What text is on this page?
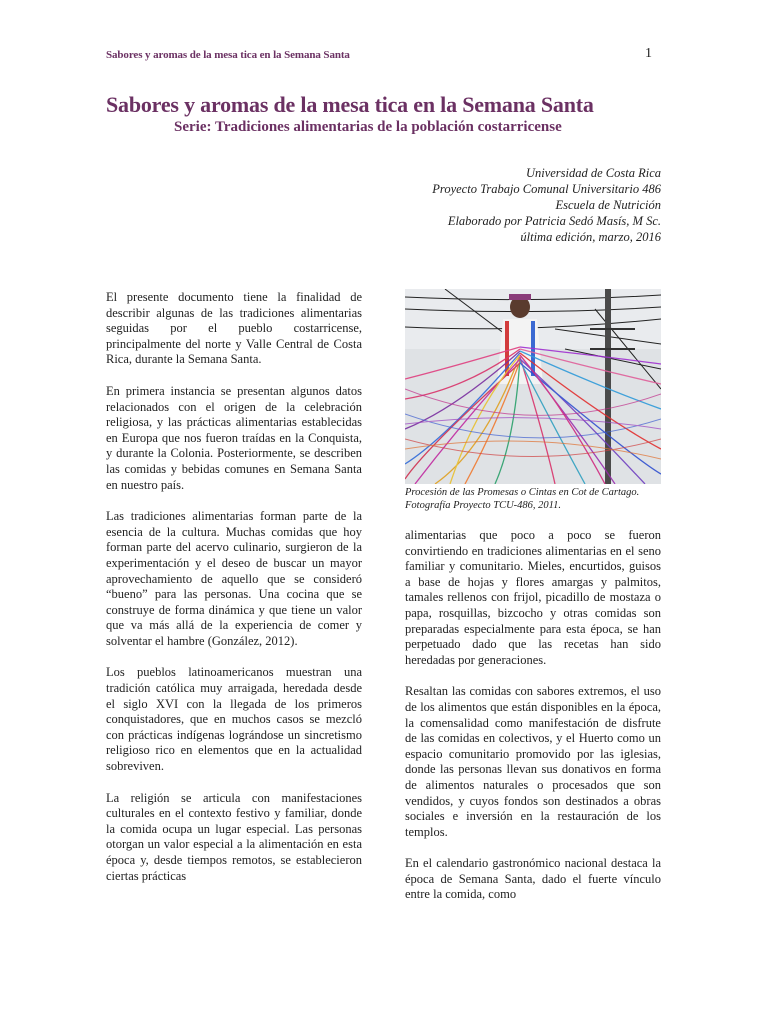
Sabores y aromas de la mesa tica en la Semana Santa	1
Sabores y aromas de la mesa tica en la Semana Santa
Serie: Tradiciones alimentarias de la población costarricense
Universidad de Costa Rica
Proyecto Trabajo Comunal Universitario 486
Escuela de Nutrición
Elaborado por Patricia Sedó Masís, M Sc.
última edición, marzo, 2016

El presente documento tiene la finalidad de describir algunas de las tradiciones alimentarias seguidas por el pueblo costarricense, principalmente del norte y Valle Central de Costa Rica, durante la Semana Santa.

En primera instancia se presentan algunos datos relacionados con el origen de la celebración religiosa, y las prácticas alimentarias establecidas en Europa que nos fueron traídas en la Conquista, y durante la Colonia. Posteriormente, se describen las comidas y bebidas comunes en Semana Santa en nuestro país.

Las tradiciones alimentarias forman parte de la esencia de la cultura. Muchas comidas que hoy forman parte del acervo culinario, surgieron de la experimentación y el deseo de buscar un mayor aprovechamiento de aquello que se consideró “bueno” para las personas. Una cocina que se construye de forma dinámica y que tiene un valor que va más allá de la experiencia de comer y solventar el hambre (González, 2012).

Los pueblos latinoamericanos muestran una tradición católica muy arraigada, heredada desde el siglo XVI con la llegada de los primeros conquistadores, que en muchos casos se mezcló con prácticas indígenas lográndose un sincretismo religioso rico en elementos que en la actualidad sobreviven.

La religión se articula con manifestaciones culturales en el contexto festivo y familiar, donde la comida ocupa un lugar especial. Las personas otorgan un valor especial a la alimentación en esta época y, desde tiempos remotos, se establecieron ciertas prácticas

Procesión de las Promesas o Cintas en Cot de Cartago.
Fotografía Proyecto TCU-486, 2011.

alimentarias que poco a poco se fueron convirtiendo en tradiciones alimentarias en el seno familiar y comunitario. Mieles, encurtidos, guisos a base de hojas y flores amargas y palmitos, tamales rellenos con frijol, picadillo de mostaza o papa, rosquillas, bizcocho y otras comidas son preparadas especialmente para esta época, se han perpetuado dado que las recetas han sido heredadas por generaciones.

Resaltan las comidas con sabores extremos, el uso de los alimentos que están disponibles en la época, la comensalidad como manifestación de disfrute de las comidas en colectivos, y el Huerto como un espacio comunitario promovido por las iglesias, donde las personas llevan sus donativos en forma de alimentos naturales o procesados que son vendidos, y cuyos fondos son destinados a obras sociales e inversión en la restauración de los templos.

En el calendario gastronómico nacional destaca la época de Semana Santa, dado el fuerte vínculo entre la comida, como
